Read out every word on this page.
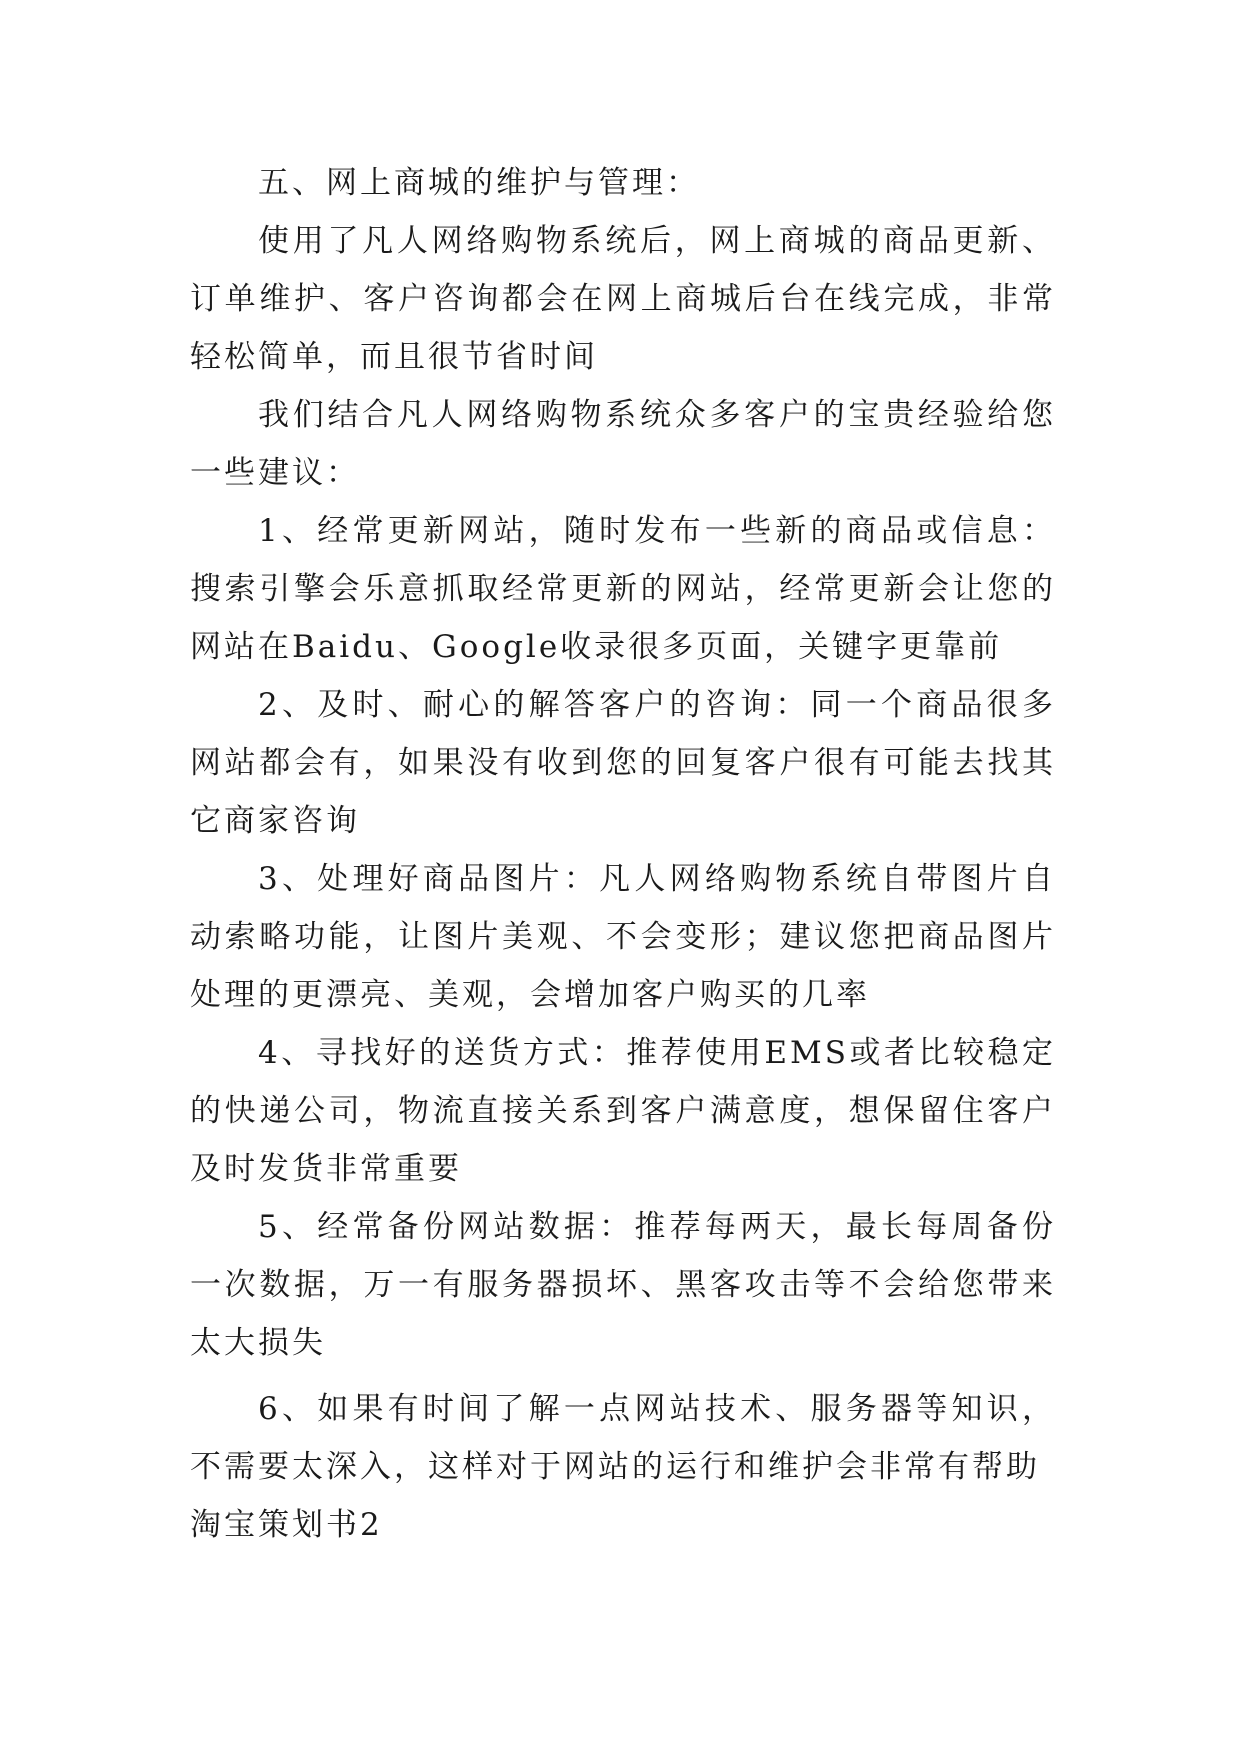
五、网上商城的维护与管理：

使用了凡人网络购物系统后，网上商城的商品更新、订单维护、客户咨询都会在网上商城后台在线完成，非常轻松简单，而且很节省时间

我们结合凡人网络购物系统众多客户的宝贵经验给您一些建议：

1、经常更新网站，随时发布一些新的商品或信息：搜索引擎会乐意抓取经常更新的网站，经常更新会让您的网站在Baidu、Google收录很多页面，关键字更靠前

2、及时、耐心的解答客户的咨询：同一个商品很多网站都会有，如果没有收到您的回复客户很有可能去找其它商家咨询

3、处理好商品图片：凡人网络购物系统自带图片自动索略功能，让图片美观、不会变形；建议您把商品图片处理的更漂亮、美观，会增加客户购买的几率

4、寻找好的送货方式：推荐使用EMS或者比较稳定的快递公司，物流直接关系到客户满意度，想保留住客户及时发货非常重要

5、经常备份网站数据：推荐每两天，最长每周备份一次数据，万一有服务器损坏、黑客攻击等不会给您带来太大损失

6、如果有时间了解一点网站技术、服务器等知识，不需要太深入，这样对于网站的运行和维护会非常有帮助

淘宝策划书2
